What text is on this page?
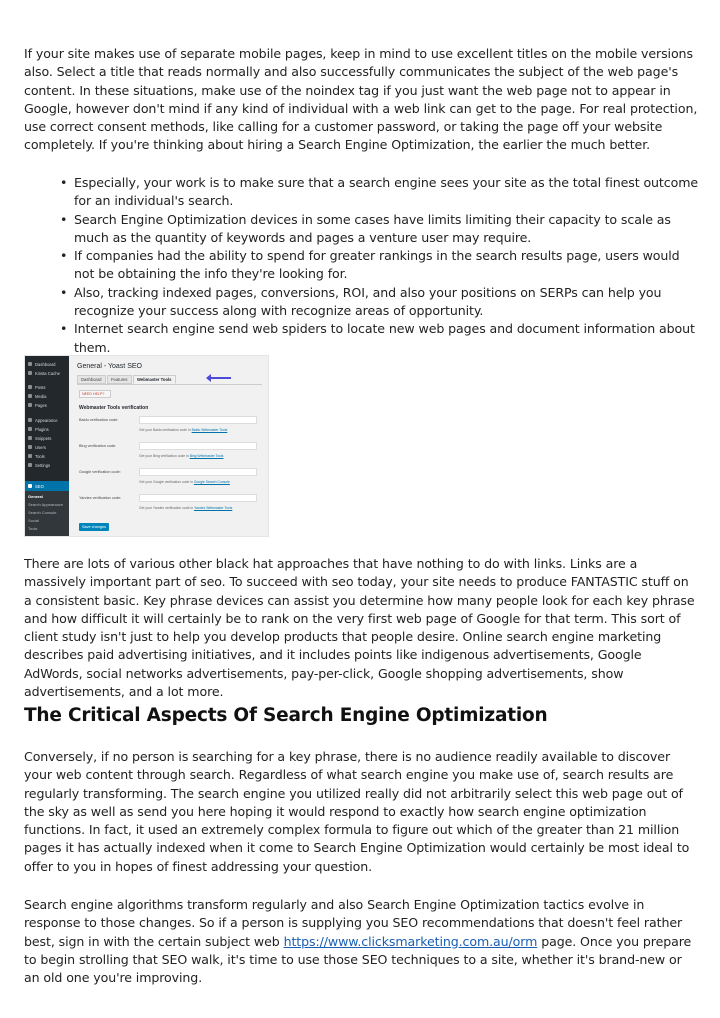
If your site makes use of separate mobile pages, keep in mind to use excellent titles on the mobile versions also. Select a title that reads normally and also successfully communicates the subject of the web page's content. In these situations, make use of the noindex tag if you just want the web page not to appear in Google, however don't mind if any kind of individual with a web link can get to the page. For real protection, use correct consent methods, like calling for a customer password, or taking the page off your website completely. If you're thinking about hiring a Search Engine Optimization, the earlier the much better.

• Especially, your work is to make sure that a search engine sees your site as the total finest outcome for an individual's search.
• Search Engine Optimization devices in some cases have limits limiting their capacity to scale as much as the quantity of keywords and pages a venture user may require.
• If companies had the ability to spend for greater rankings in the search results page, users would not be obtaining the info they're looking for.
• Also, tracking indexed pages, conversions, ROI, and also your positions on SERPs can help you recognize your success along with recognize areas of opportunity.
• Internet search engine send web spiders to locate new web pages and document information about them.
Dashboard
Kinsta Cache
Posts
Media
Pages
Appearance
Plugins
Snippets
Users
Tools
Settings
SEO
General
Search Appearance
Search Console
Social
Tools
General - Yoast SEO
Dashboard	Features	Webmaster Tools
NEED HELP?
Webmaster Tools verification
Baidu verification code:
Get your Baidu verification code in Baidu Webmaster Tools
Bing verification code:
Get your Bing verification code in Bing Webmaster Tools
Google verification code:
Get your Google verification code in Google Search Console
Yandex verification code:
Get your Yandex verification code in Yandex Webmaster Tools
Save changes

There are lots of various other black hat approaches that have nothing to do with links. Links are a massively important part of seo. To succeed with seo today, your site needs to produce FANTASTIC stuff on a consistent basic. Key phrase devices can assist you determine how many people look for each key phrase and how difficult it will certainly be to rank on the very first web page of Google for that term. This sort of client study isn't just to help you develop products that people desire. Online search engine marketing describes paid advertising initiatives, and it includes points like indigenous advertisements, Google AdWords, social networks advertisements, pay-per-click, Google shopping advertisements, show advertisements, and a lot more.

The Critical Aspects Of Search Engine Optimization

Conversely, if no person is searching for a key phrase, there is no audience readily available to discover your web content through search. Regardless of what search engine you make use of, search results are regularly transforming. The search engine you utilized really did not arbitrarily select this web page out of the sky as well as send you here hoping it would respond to exactly how search engine optimization functions. In fact, it used an extremely complex formula to figure out which of the greater than 21 million pages it has actually indexed when it come to Search Engine Optimization would certainly be most ideal to offer to you in hopes of finest addressing your question.

Search engine algorithms transform regularly and also Search Engine Optimization tactics evolve in response to those changes. So if a person is supplying you SEO recommendations that doesn't feel rather best, sign in with the certain subject web https://www.clicksmarketing.com.au/orm page. Once you prepare to begin strolling that SEO walk, it's time to use those SEO techniques to a site, whether it's brand-new or an old one you're improving.
